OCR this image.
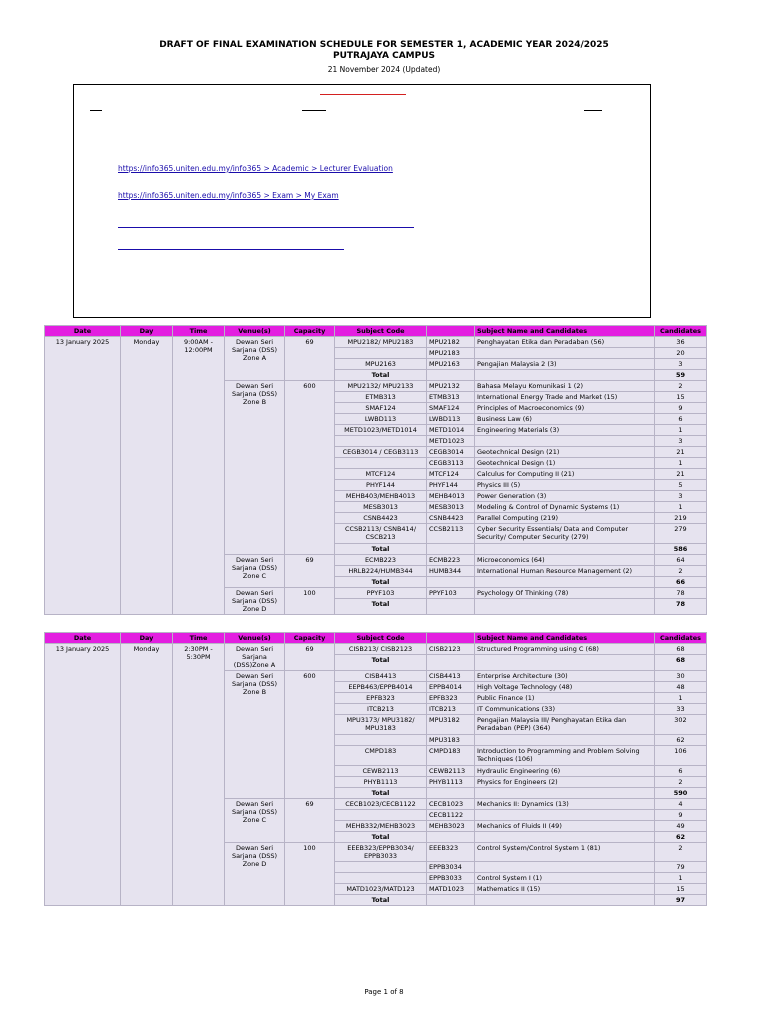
DRAFT OF FINAL EXAMINATION SCHEDULE FOR SEMESTER 1, ACADEMIC YEAR 2024/2025
PUTRAJAYA CAMPUS
21 November 2024 (Updated)
https://info365.uniten.edu.my/info365 > Academic > Lecturer Evaluation
https://info365.uniten.edu.my/info365 > Exam > My Exam
Date	Day	Time	Venue(s)	Capacity	Subject Code		Subject Name and Candidates	Candidates
13 January 2025	Monday	9:00AM - 12:00PM	Dewan Seri Sarjana (DSS) Zone A	69	MPU2182/ MPU2183	MPU2182	Penghayatan Etika dan Peradaban (56)	36
						MPU2183		20
					MPU2163	MPU2163	Pengajian Malaysia 2 (3)	3
					Total			59
			Dewan Seri Sarjana (DSS) Zone B	600	MPU2132/ MPU2133	MPU2132	Bahasa Melayu Komunikasi 1 (2)	2
					ETMB313	ETMB313	International Energy Trade and Market (15)	15
					SMAF124	SMAF124	Principles of Macroeconomics (9)	9
					LWBD113	LWBD113	Business Law (6)	6
					METD1023/METD1014	METD1014	Engineering Materials (3)	1
						METD1023		3
					CEGB3014 / CEGB3113	CEGB3014	Geotechnical Design (21)	21
						CEGB3113	Geotechnical Design (1)	1
					MTCF124	MTCF124	Calculus for Computing II (21)	21
					PHYF144	PHYF144	Physics III (5)	5
					MEHB403/MEHB4013	MEHB4013	Power Generation (3)	3
					MESB3013	MESB3013	Modeling & Control of Dynamic Systems (1)	1
					CSNB4423	CSNB4423	Parallel Computing (219)	219
					CCSB2113/ CSNB414/ CSCB213	CCSB2113	Cyber Security Essentials/ Data and Computer Security/ Computer Security (279)	279
					Total			586
			Dewan Seri Sarjana (DSS) Zone C	69	ECMB223	ECMB223	Microeconomics (64)	64
					HRLB224/HUMB344	HUMB344	International Human Resource Management (2)	2
					Total			66
			Dewan Seri Sarjana (DSS) Zone D	100	PPYF103	PPYF103	Psychology Of Thinking (78)	78
					Total			78
Date	Day	Time	Venue(s)	Capacity	Subject Code		Subject Name and Candidates	Candidates
13 January 2025	Monday	2:30PM - 5:30PM	Dewan Seri Sarjana (DSS)Zone A	69	CISB213/ CISB2123	CISB2123	Structured Programming using C (68)	68
					Total			68
			Dewan Seri Sarjana (DSS) Zone B	600	CISB4413	CISB4413	Enterprise Architecture (30)	30
					EEPB463/EPPB4014	EPPB4014	High Voltage Technology (48)	48
					EPFB323	EPFB323	Public Finance (1)	1
					ITCB213	ITCB213	IT Communications (33)	33
					MPU3173/ MPU3182/ MPU3183	MPU3182	Pengajian Malaysia III/ Penghayatan Etika dan Peradaban (PEP) (364)	302
						MPU3183		62
					CMPD183	CMPD183	Introduction to Programming and Problem Solving Techniques (106)	106
					CEWB2113	CEWB2113	Hydraulic Engineering (6)	6
					PHYB1113	PHYB1113	Physics for Engineers (2)	2
					Total			590
			Dewan Seri Sarjana (DSS) Zone C	69	CECB1023/CECB1122	CECB1023	Mechanics II: Dynamics (13)	4
						CECB1122		9
					MEHB332/MEHB3023	MEHB3023	Mechanics of Fluids II (49)	49
					Total			62
			Dewan Seri Sarjana (DSS) Zone D	100	EEEB323/EPPB3034/ EPPB3033	EEEB323	Control System/Control System 1 (81)	2
						EPPB3034		79
						EPPB3033	Control System I (1)	1
					MATD1023/MATD123	MATD1023	Mathematics II (15)	15
					Total			97
Page 1 of 8
